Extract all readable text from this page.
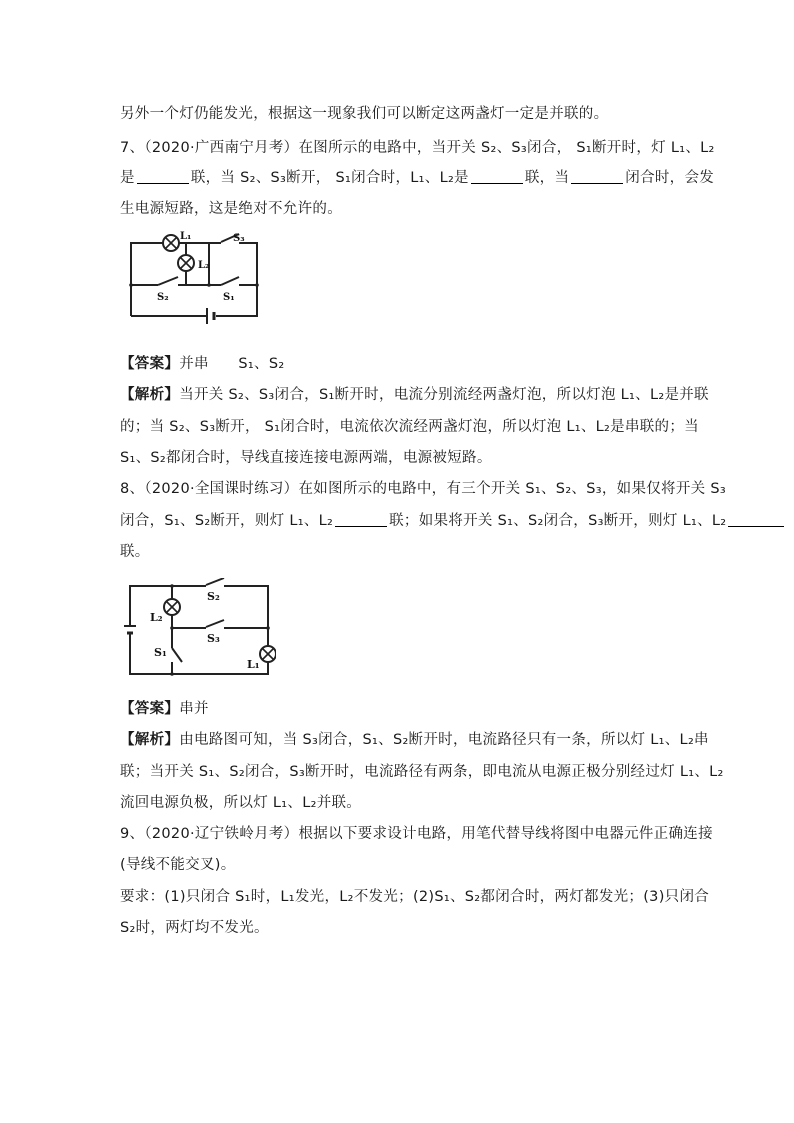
另外一个灯仍能发光，根据这一现象我们可以断定这两盏灯一定是并联的。
7、（2020·广西南宁月考）在图所示的电路中，当开关 S₂、S₃闭合， S₁断开时，灯 L₁、L₂
是	联，当 S₂、S₃断开， S₁闭合时，L₁、L₂是	联，当	闭合时，会发
生电源短路，这是绝对不允许的。
L₁
L₂
S₃
S₂	S₁
【答案】并串　　S₁、S₂
【解析】当开关 S₂、S₃闭合，S₁断开时，电流分别流经两盏灯泡，所以灯泡 L₁、L₂是并联
的；当 S₂、S₃断开， S₁闭合时，电流依次流经两盏灯泡，所以灯泡 L₁、L₂是串联的；当
S₁、S₂都闭合时，导线直接连接电源两端，电源被短路。
8、（2020·全国课时练习）在如图所示的电路中，有三个开关 S₁、S₂、S₃，如果仅将开关 S₃
闭合，S₁、S₂断开，则灯 L₁、L₂	联；如果将开关 S₁、S₂闭合，S₃断开，则灯 L₁、L₂
联。
L₂
S₂
S₃
S₁
L₁
【答案】串并
【解析】由电路图可知，当 S₃闭合，S₁、S₂断开时，电流路径只有一条，所以灯 L₁、L₂串
联；当开关 S₁、S₂闭合，S₃断开时，电流路径有两条，即电流从电源正极分别经过灯 L₁、L₂
流回电源负极，所以灯 L₁、L₂并联。
9、（2020·辽宁铁岭月考）根据以下要求设计电路，用笔代替导线将图中电器元件正确连接
(导线不能交叉)。
要求：(1)只闭合 S₁时，L₁发光，L₂不发光；(2)S₁、S₂都闭合时，两灯都发光；(3)只闭合
S₂时，两灯均不发光。
